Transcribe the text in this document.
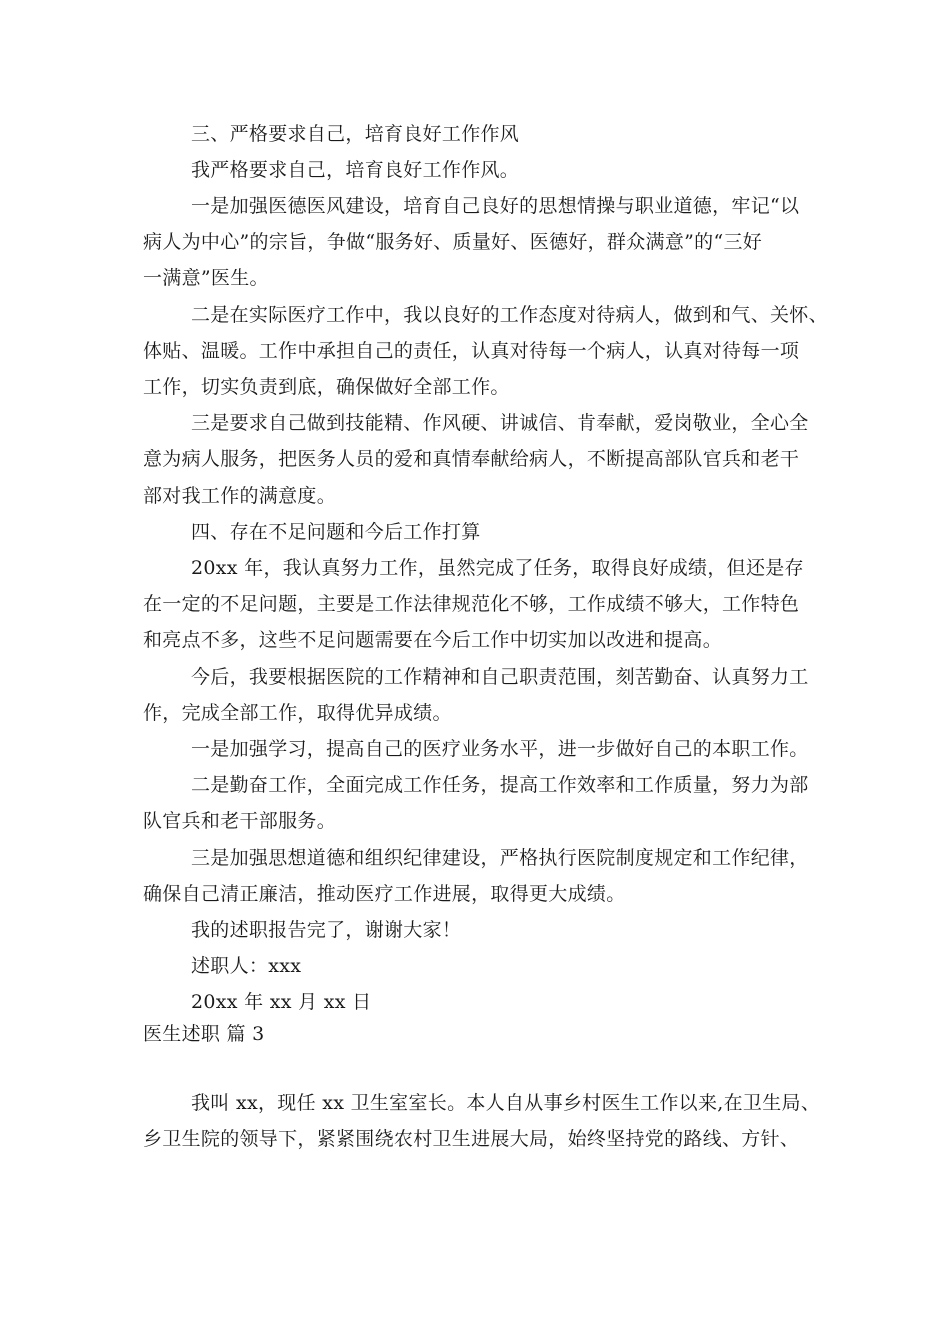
三、严格要求自己，培育良好工作作风
我严格要求自己，培育良好工作作风。
一是加强医德医风建设，培育自己良好的思想情操与职业道德，牢记“以
病人为中心”的宗旨，争做“服务好、质量好、医德好，群众满意”的“三好
一满意”医生。
二是在实际医疗工作中，我以良好的工作态度对待病人，做到和气、关怀、
体贴、温暖。工作中承担自己的责任，认真对待每一个病人，认真对待每一项
工作，切实负责到底，确保做好全部工作。
三是要求自己做到技能精、作风硬、讲诚信、肯奉献，爱岗敬业，全心全
意为病人服务，把医务人员的爱和真情奉献给病人，不断提高部队官兵和老干
部对我工作的满意度。
四、存在不足问题和今后工作打算
20xx 年，我认真努力工作，虽然完成了任务，取得良好成绩，但还是存
在一定的不足问题，主要是工作法律规范化不够，工作成绩不够大，工作特色
和亮点不多，这些不足问题需要在今后工作中切实加以改进和提高。
今后，我要根据医院的工作精神和自己职责范围，刻苦勤奋、认真努力工
作，完成全部工作，取得优异成绩。
一是加强学习，提高自己的医疗业务水平，进一步做好自己的本职工作。
二是勤奋工作，全面完成工作任务，提高工作效率和工作质量，努力为部
队官兵和老干部服务。
三是加强思想道德和组织纪律建设，严格执行医院制度规定和工作纪律，
确保自己清正廉洁，推动医疗工作进展，取得更大成绩。
我的述职报告完了，谢谢大家！
述职人：xxx
20xx 年 xx 月 xx 日
医生述职 篇 3
我叫 xx，现任 xx 卫生室室长。本人自从事乡村医生工作以来,在卫生局、
乡卫生院的领导下，紧紧围绕农村卫生进展大局，始终坚持党的路线、方针、
